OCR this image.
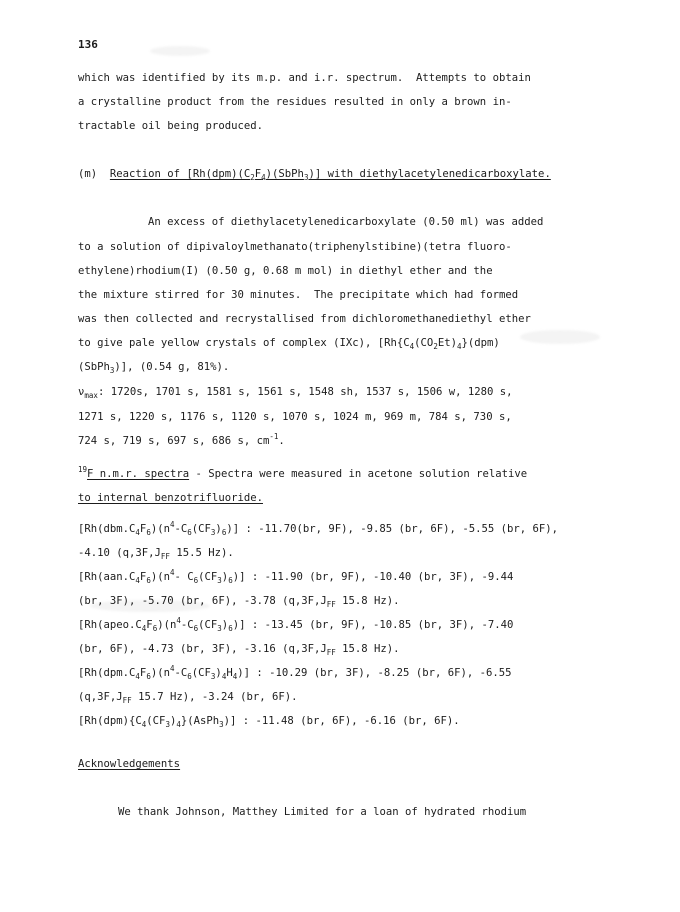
136
which was identified by its m.p. and i.r. spectrum.  Attempts to obtain
a crystalline product from the residues resulted in only a brown in-
tractable oil being produced.
(m) Reaction of $[Rh(dpm)(C_2F_4)(SbPh_3)]$ with diethylacetylenedicarboxylate.
An excess of diethylacetylenedicarboxylate (0.50 ml) was added
to a solution of dipivaloylmethanato(triphenylstibine)(tetra fluoro-
ethylene)rhodium(I) (0.50 g, 0.68 m mol) in diethyl ether and the
the mixture stirred for 30 minutes.  The precipitate which had formed
was then collected and recrystallised from dichloromethanediethyl ether
to give pale yellow crystals of complex (IXc), [$Rh\{C_4(CO_2Et)_4\}(dpm)$
(SbPh$_3$)], (0.54 g, 81%).
$\nu_{max}$: 1720s, 1701 s, 1581 s, 1561 s, 1548 sh, 1537 s, 1506 w, 1280 s,
1271 s, 1220 s, 1176 s, 1120 s, 1070 s, 1024 m, 969 m, 784 s, 730 s,
724 s, 719 s, 697 s, 686 s, $cm^{-1}$.
$^{19}$F n.m.r. spectra - Spectra were measured in acetone solution relative
to internal benzotrifluoride.
$[Rh(dbm.C_4F_6)(n^4-C_6(CF_3)_6)]$ : -11.70(br, 9F), -9.85 (br, 6F), -5.55 (br, 6F),
-4.10 ($q,3F,J_{FF}$ 15.5 Hz).
[$Rh(aan.C_4F_6)(n^4-$ $C_6(CF_3)_6$)] : -11.90 (br, 9F), -10.40 (br, 3F), -9.44
(br, 3F), -5.70 (br, 6F), -3.78 ($q,3F,J_{FF}$ 15.8 Hz).
$[Rh(apeo.C_4F_6)(n^4-C_6(CF_3)_6)]$ : -13.45 (br, 9F), -10.85 (br, 3F), -7.40
(br, 6F), -4.73 (br, 3F), -3.16 ($q,3F,J_{FF}$ 15.8 Hz).
$[Rh(dpm.C_4F_6)(n^4-C_6(CF_3)_4H_4)]$ : -10.29 (br, 3F), -8.25 (br, 6F), -6.55
($q,3F,J_{FF}$ 15.7 Hz), -3.24 (br, 6F).
$[Rh(dpm)\{C_4(CF_3)_4\}(AsPh_3)]$ : -11.48 (br, 6F), -6.16 (br, 6F).
Acknowledgements
We thank Johnson, Matthey Limited for a loan of hydrated rhodium
